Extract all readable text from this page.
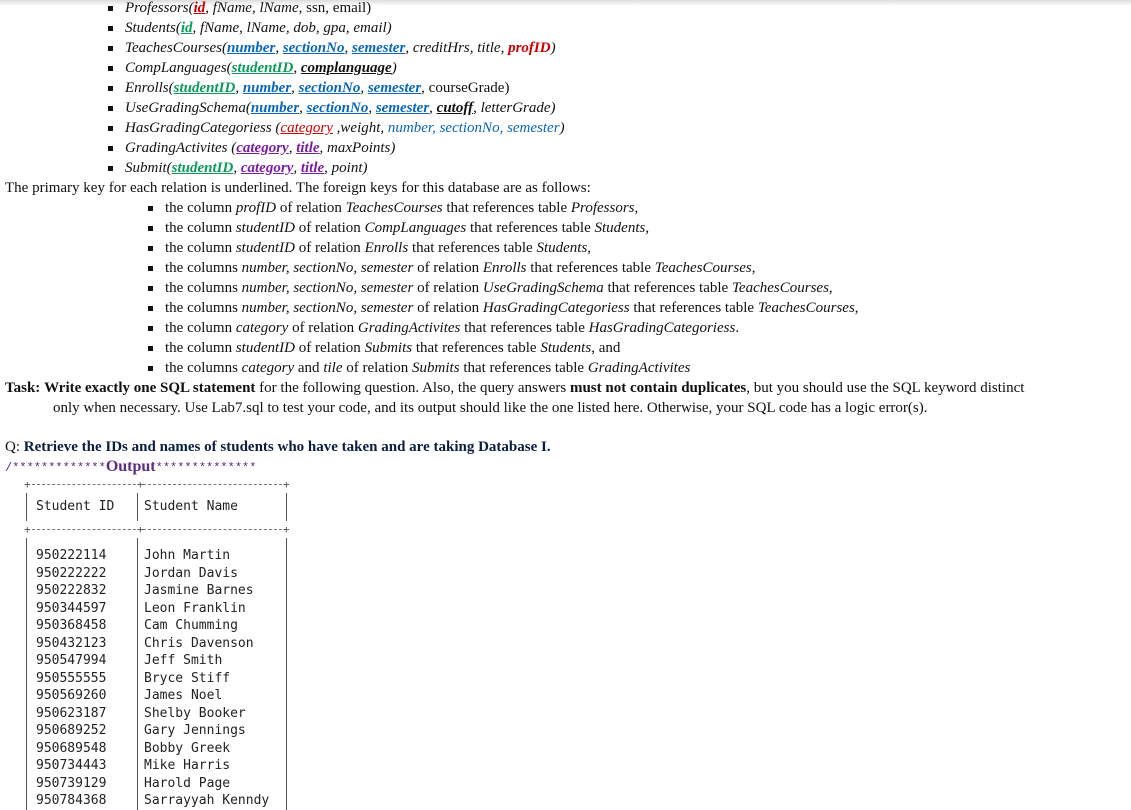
Professors(id, fName, lName, ssn, email)
Students(id, fName, lName, dob, gpa, email)
TeachesCourses(number, sectionNo, semester, creditHrs, title, profID)
CompLanguages(studentID, complanguage)
Enrolls(studentID, number, sectionNo, semester, courseGrade)
UseGradingSchema(number, sectionNo, semester, cutoff, letterGrade)
HasGradingCategoriess (category ,weight, number, sectionNo, semester)
GradingActivites (category, title, maxPoints)
Submit(studentID, category, title, point)
The primary key for each relation is underlined. The foreign keys for this database are as follows:
the column profID of relation TeachesCourses that references table Professors,
the column studentID of relation CompLanguages that references table Students,
the column studentID of relation Enrolls that references table Students,
the columns number, sectionNo, semester of relation Enrolls that references table TeachesCourses,
the columns number, sectionNo, semester of relation UseGradingSchema that references table TeachesCourses,
the columns number, sectionNo, semester of relation HasGradingCategoriess that references table TeachesCourses,
the column category of relation GradingActivites that references table HasGradingCategoriess.
the column studentID of relation Submits that references table Students, and
the columns category and tile of relation Submits that references table GradingActivites
Task: Write exactly one SQL statement for the following question. Also, the query answers must not contain duplicates, but you should use the SQL keyword distinct
only when necessary. Use Lab7.sql to test your code, and its output should like the one listed here. Otherwise, your SQL code has a logic error(s).
Q: Retrieve the IDs and names of students who have taken and are taking Database I.
/*************Output**************
+	+	+
Student ID Student Name
+	+	+
950222114	John Martin
950222222	Jordan Davis
950222832	Jasmine Barnes
950344597	Leon Franklin
950368458	Cam Chumming
950432123	Chris Davenson
950547994	Jeff Smith
950555555	Bryce Stiff
950569260	James Noel
950623187	Shelby Booker
950689252	Gary Jennings
950689548	Bobby Greek
950734443	Mike Harris
950739129	Harold Page
950784368	Sarrayyah Kenndy
